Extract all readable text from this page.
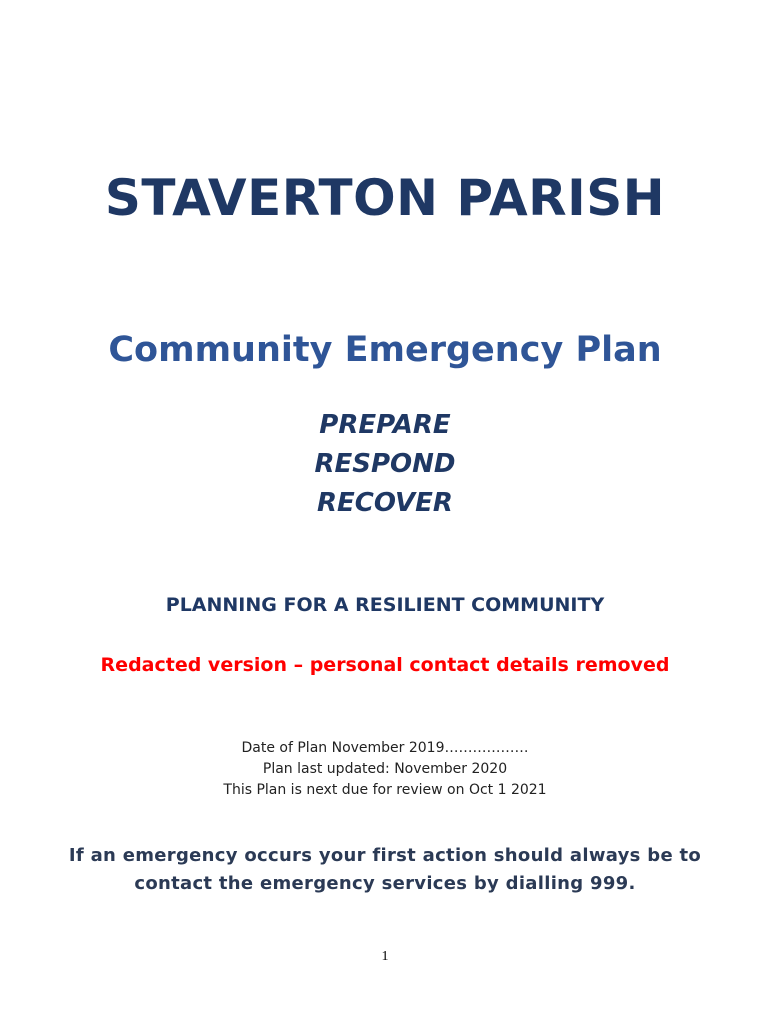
STAVERTON PARISH
Community Emergency Plan
PREPARE
RESPOND
RECOVER
PLANNING FOR A RESILIENT COMMUNITY
Redacted version – personal contact details removed
Date of Plan November 2019………………
Plan last updated: November 2020
This Plan is next due for review on Oct 1 2021
If an emergency occurs your first action should always be to
contact the emergency services by dialling 999.
1
